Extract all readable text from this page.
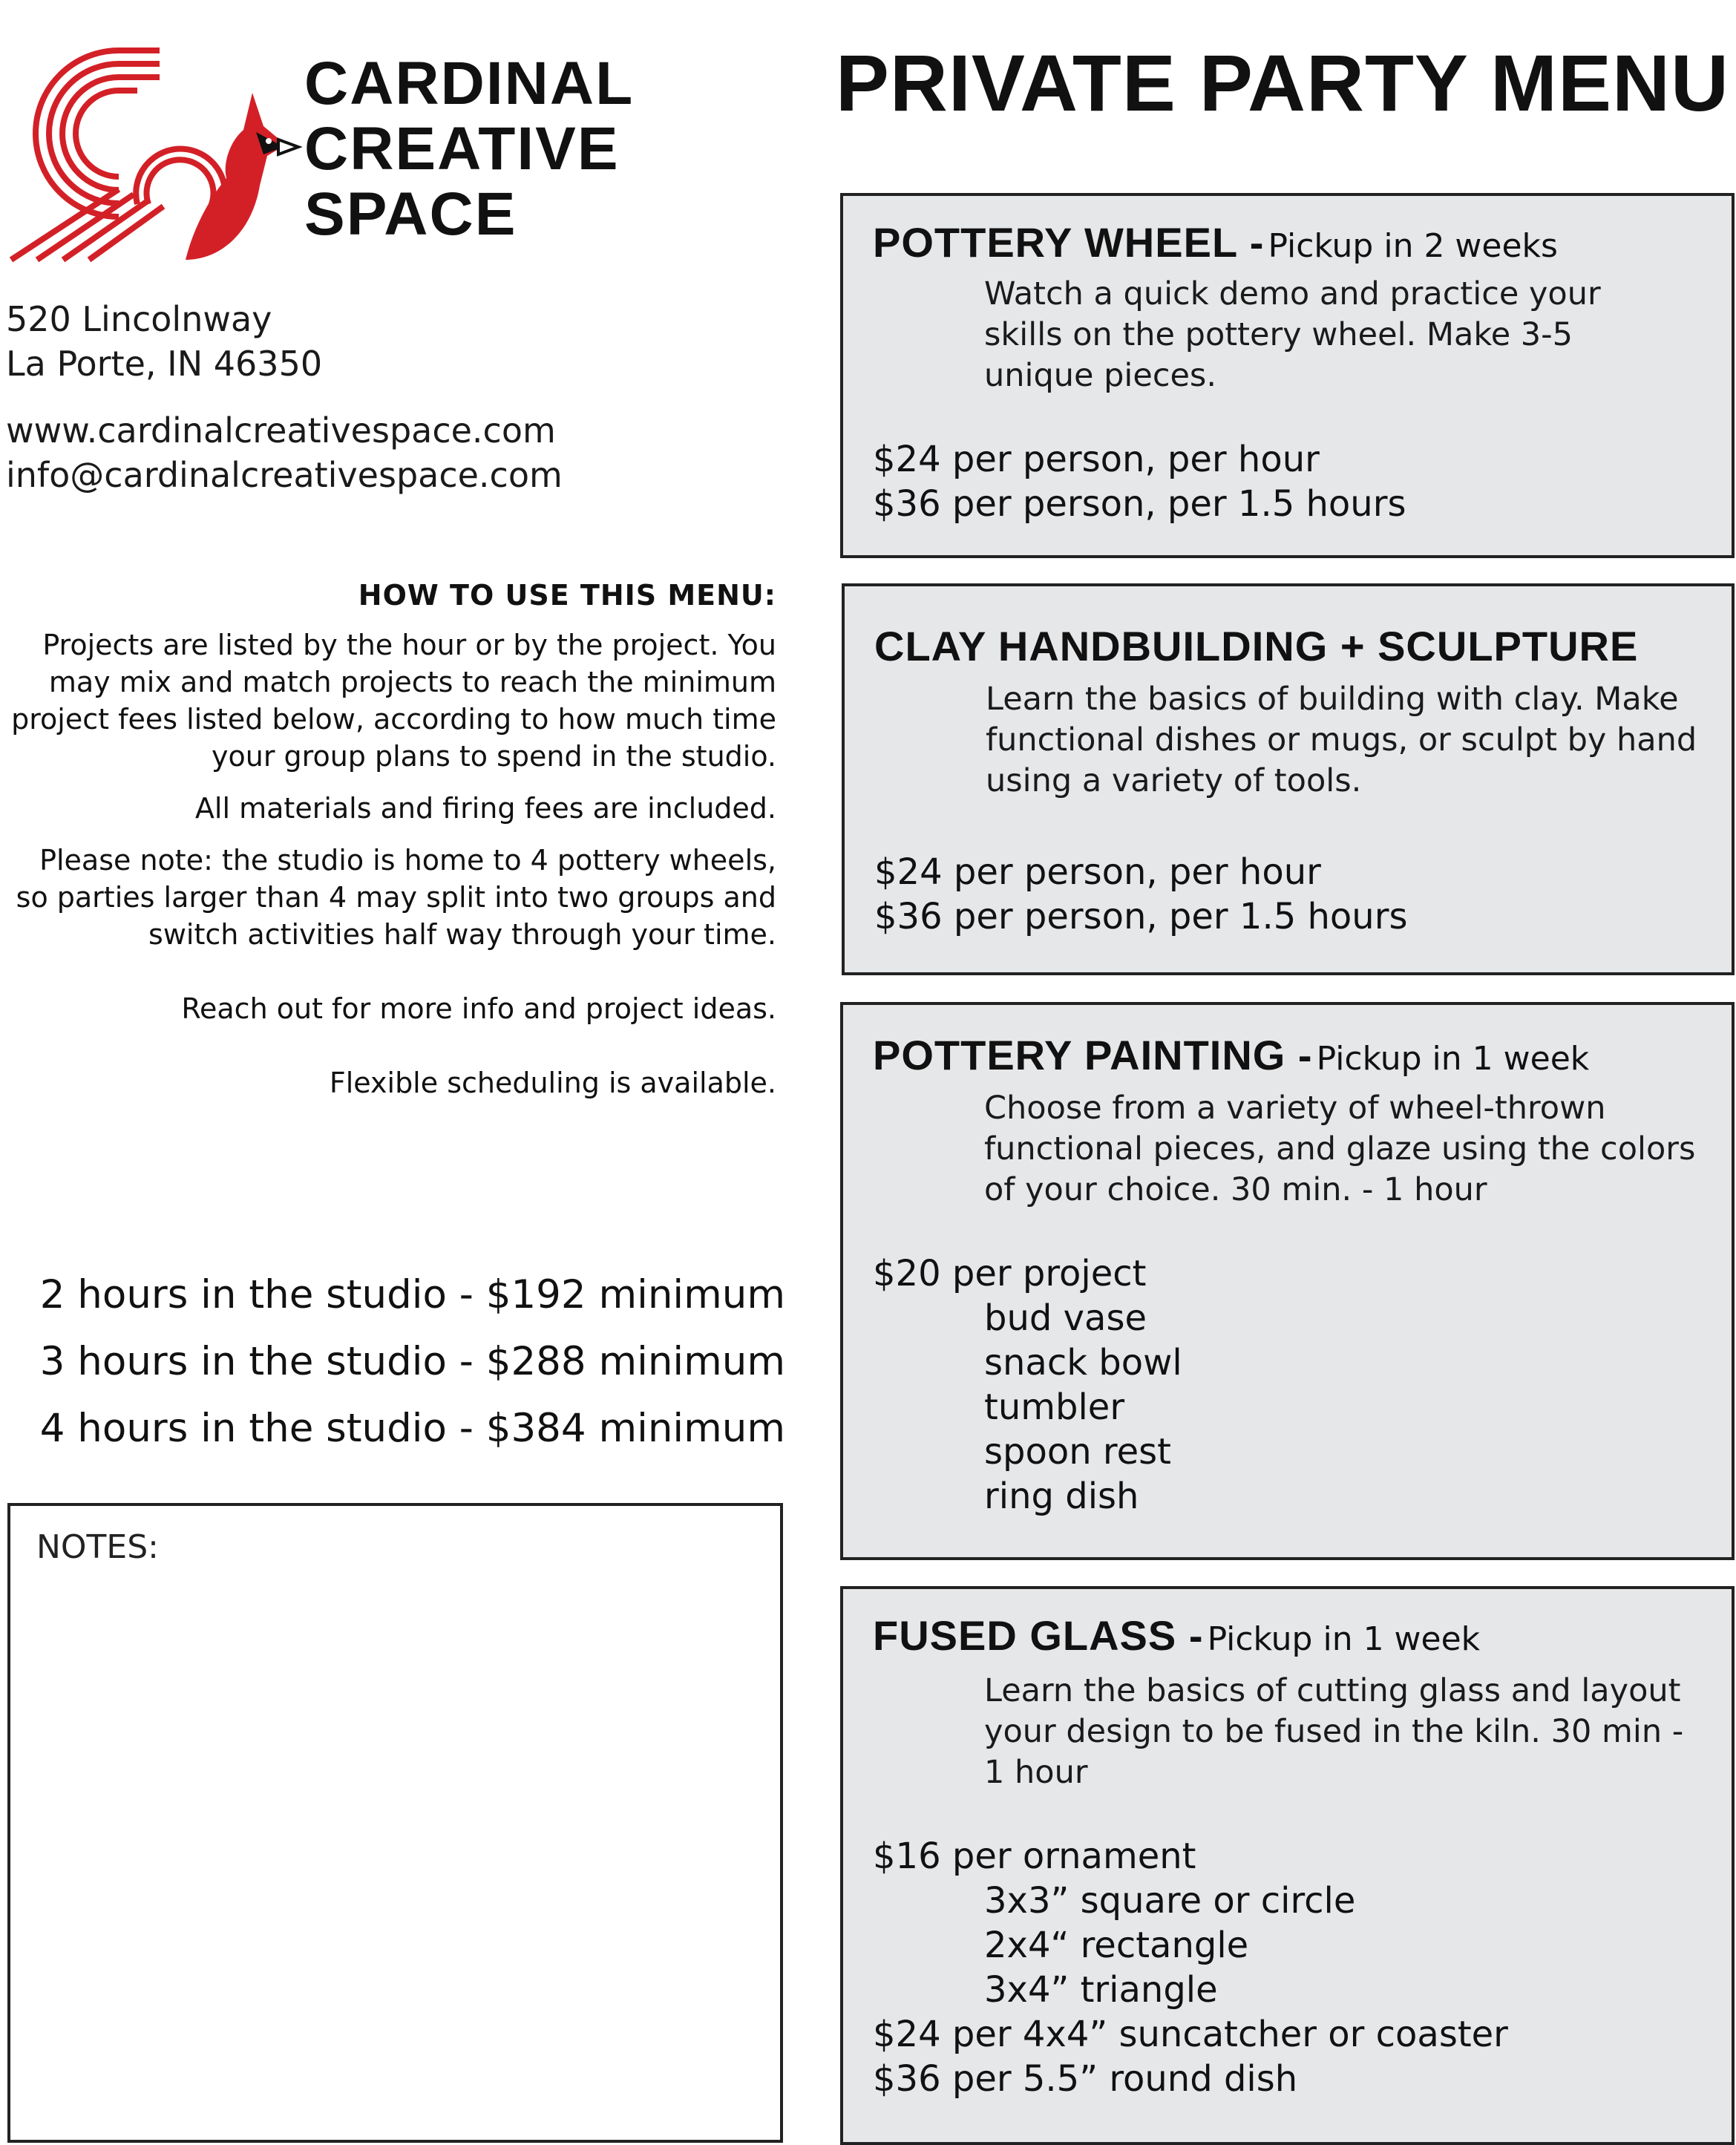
CARDINAL
CREATIVE
SPACE
PRIVATE PARTY MENU
520 Lincolnway
La Porte, IN 46350
www.cardinalcreativespace.com
info@cardinalcreativespace.com
HOW TO USE THIS MENU:

Projects are listed by the hour or by the project. You may mix and match projects to reach the minimum project fees listed below, according to how much time your group plans to spend in the studio.

All materials and firing fees are included.

Please note: the studio is home to 4 pottery wheels, so parties larger than 4 may split into two groups and switch activities half way through your time.

Reach out for more info and project ideas.

Flexible scheduling is available.

2 hours in the studio - $192 minimum
3 hours in the studio - $288 minimum
4 hours in the studio - $384 minimum
NOTES:
POTTERY WHEEL - Pickup in 2 weeks
Watch a quick demo and practice your skills on the pottery wheel. Make 3-5 unique pieces.
$24 per person, per hour
$36 per person, per 1.5 hours
CLAY HANDBUILDING + SCULPTURE
Learn the basics of building with clay. Make functional dishes or mugs, or sculpt by hand using a variety of tools.
$24 per person, per hour
$36 per person, per 1.5 hours
POTTERY PAINTING - Pickup in 1 week
Choose from a variety of wheel-thrown functional pieces, and glaze using the colors of your choice. 30 min. - 1 hour
$20 per project
bud vase
snack bowl
tumbler
spoon rest
ring dish
FUSED GLASS - Pickup in 1 week
Learn the basics of cutting glass and layout your design to be fused in the kiln. 30 min - 1 hour
$16 per ornament
3x3” square or circle
2x4“ rectangle
3x4” triangle
$24 per 4x4” suncatcher or coaster
$36 per 5.5” round dish
